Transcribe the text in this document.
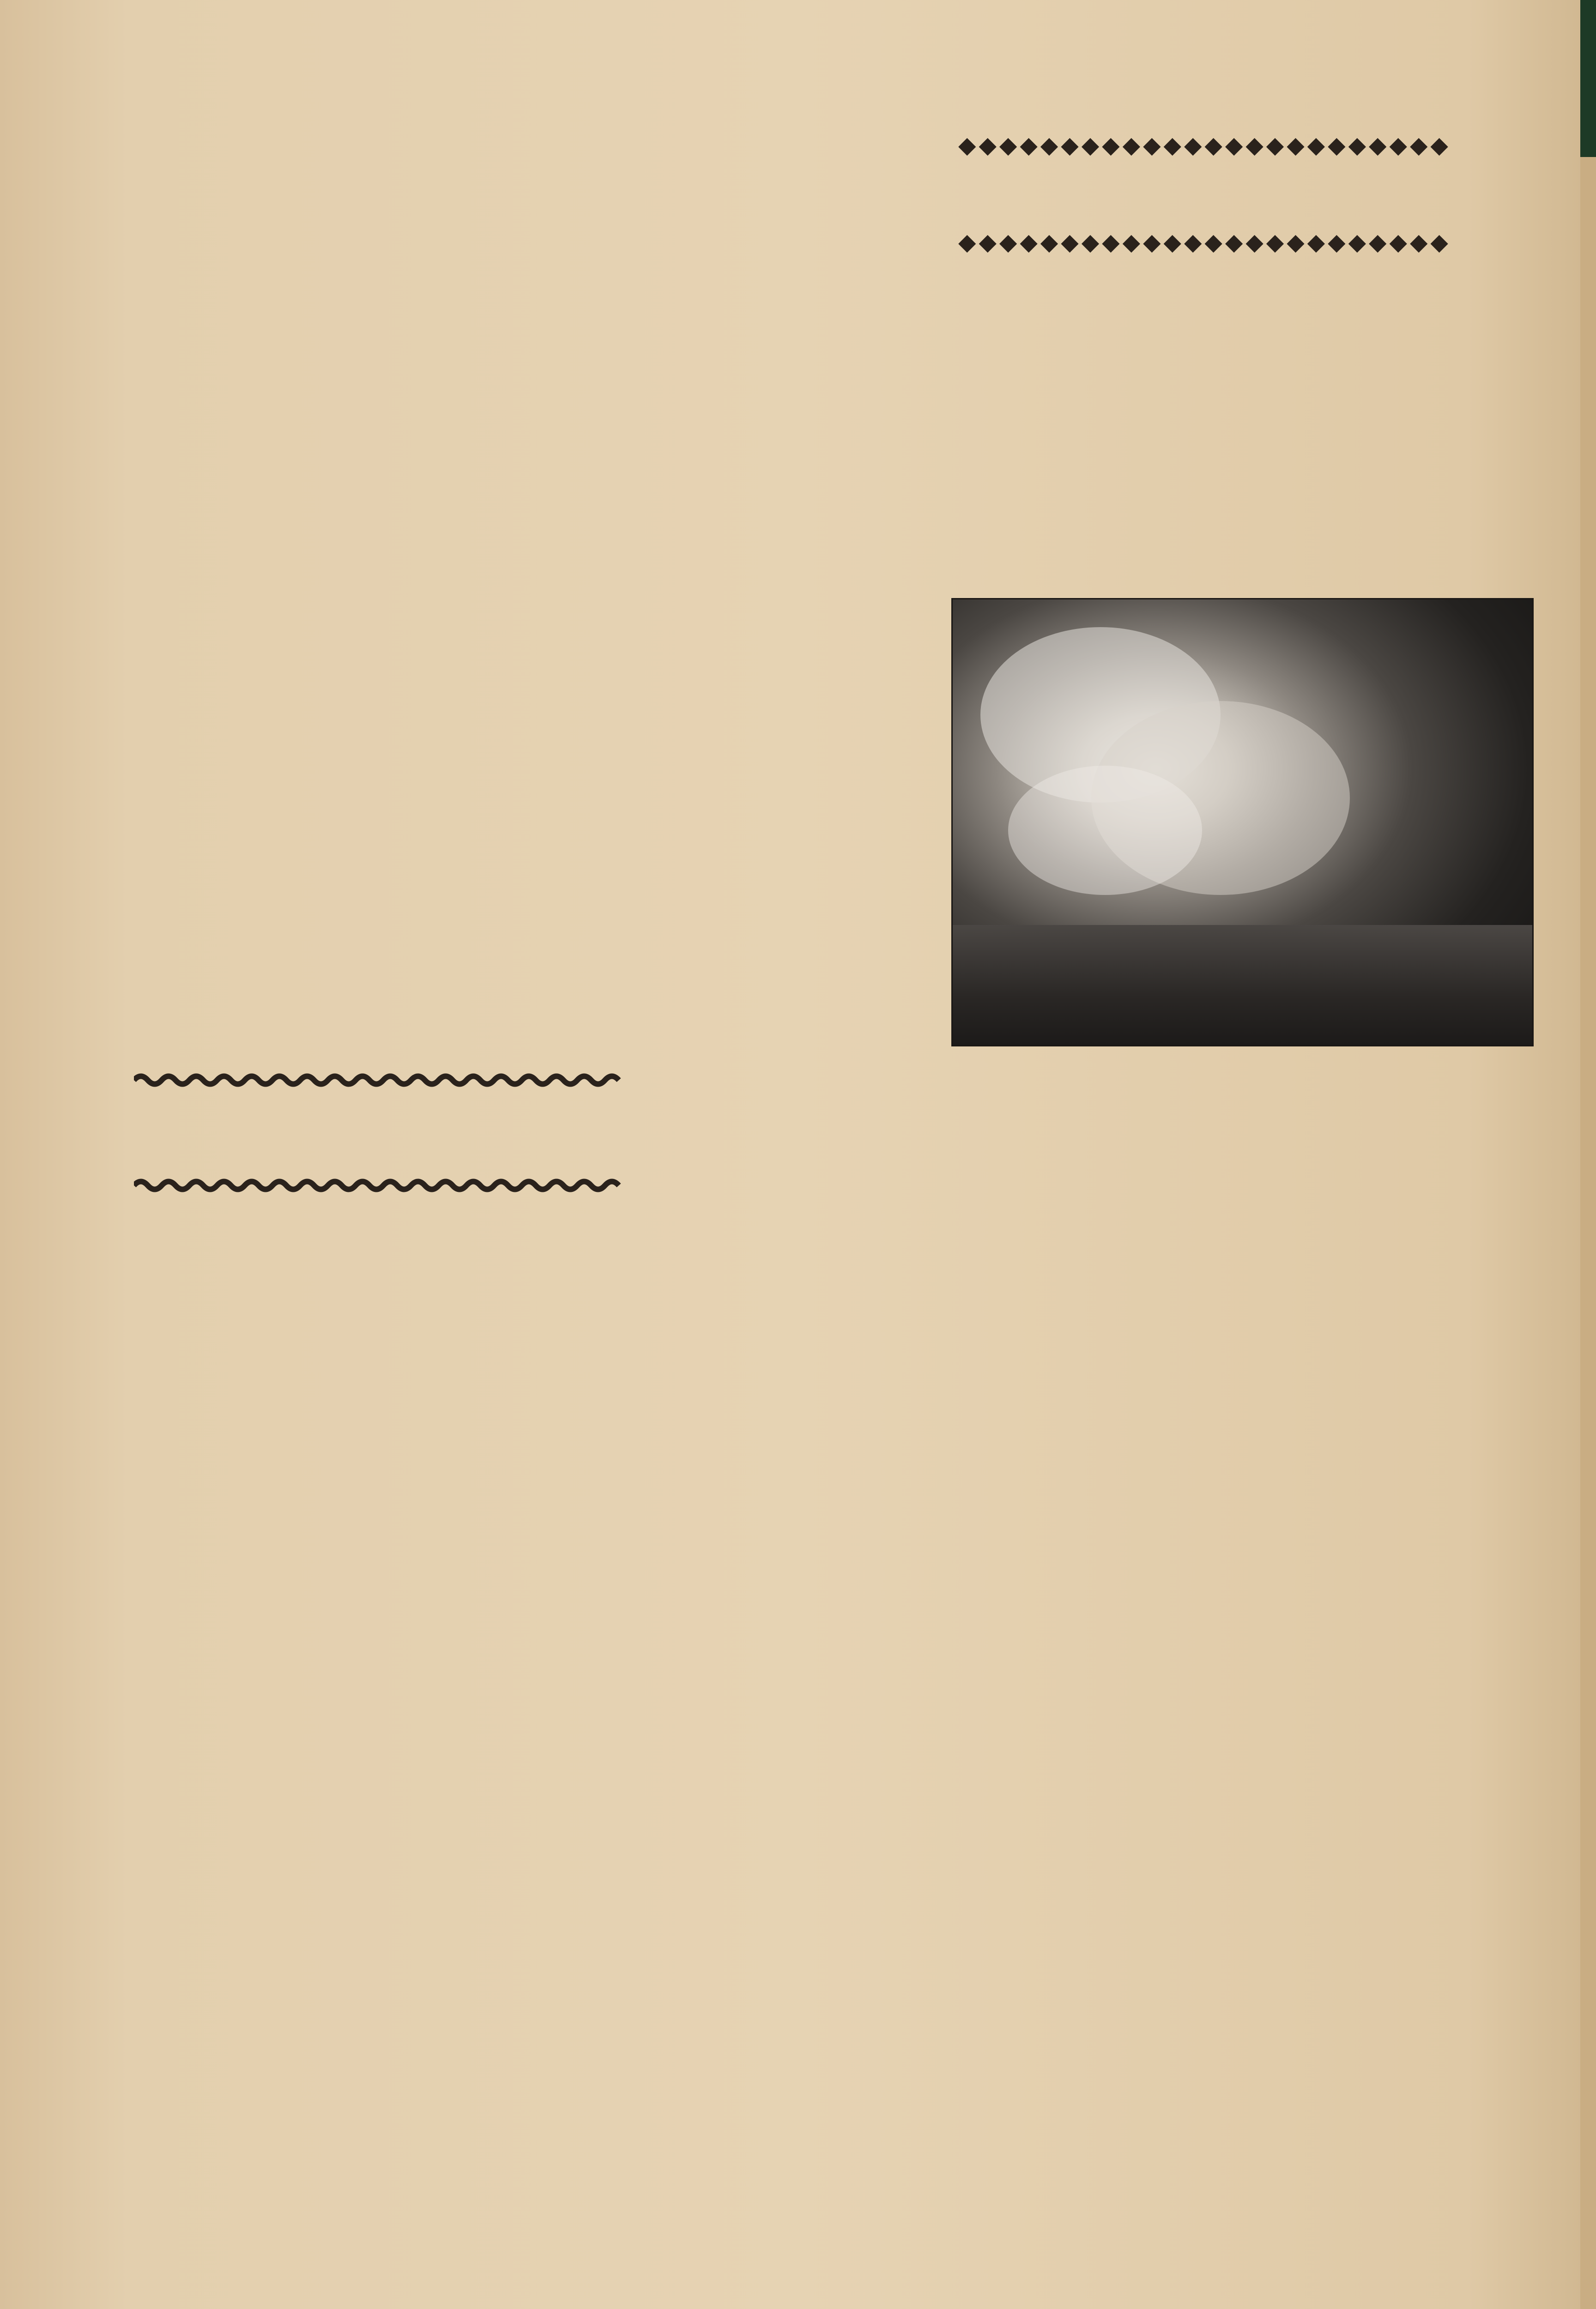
◆◆◆◆◆◆◆◆◆◆◆◆◆◆◆◆◆◆◆◆◆◆◆◆
◆◆◆◆◆◆◆◆◆◆◆◆◆◆◆◆◆◆◆◆◆◆◆◆
